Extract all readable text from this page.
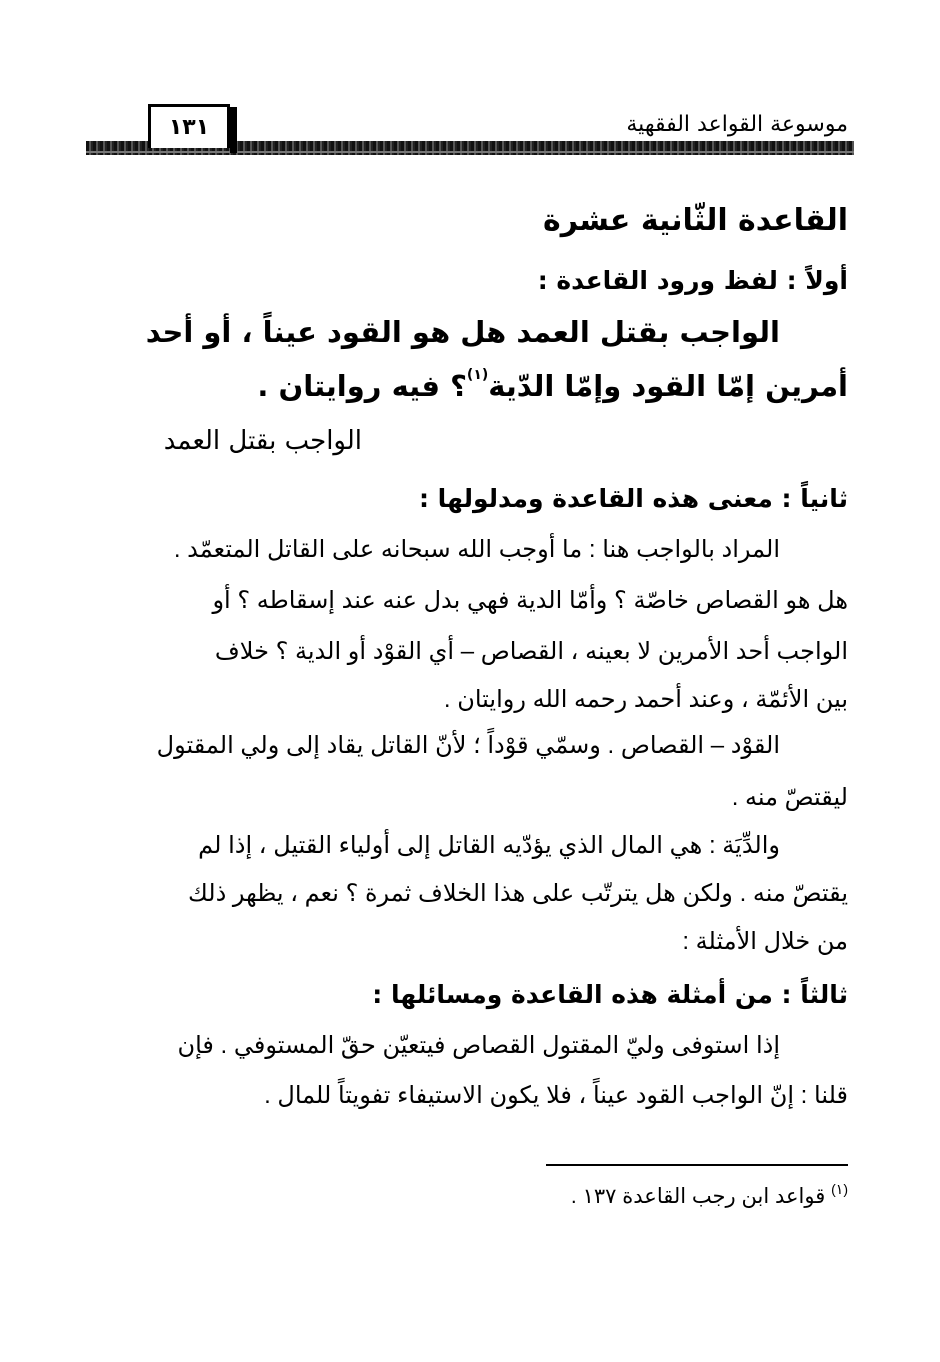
موسوعة القواعد الفقهية
١٣١
القاعدة الثّانية عشرة
أولاً : لفظ ورود القاعدة :
الواجب بقتل العمد هل هو القود عيناً ، أو أحد
أمرين إمّا القود وإمّا الدّية$^{(١)}$؟ فيه روايتان .
الواجب بقتل العمد
ثانياً : معنى هذه القاعدة ومدلولها :
المراد بالواجب هنا : ما أوجب الله سبحانه على القاتل المتعمّد .
هل هو القصاص خاصّة ؟ وأمّا الدية فهي بدل عنه عند إسقاطه ؟ أو
الواجب أحد الأمرين لا بعينه ، القصاص – أي القوْد أو الدية ؟ خلاف
بين الأئمّة ، وعند أحمد رحمه الله روايتان .
القوْد – القصاص . وسمّي قوْداً ؛ لأنّ القاتل يقاد إلى ولي المقتول
ليقتصّ منه .
والدِّيَة : هي المال الذي يؤدّيه القاتل إلى أولياء القتيل ، إذا لم
يقتصّ منه . ولكن هل يترتّب على هذا الخلاف ثمرة ؟ نعم ، يظهر ذلك
من خلال الأمثلة :
ثالثاً : من أمثلة هذه القاعدة ومسائلها :
إذا استوفى وليّ المقتول القصاص فيتعيّن حقّ المستوفي . فإن
قلنا : إنّ الواجب القود عيناً ، فلا يكون الاستيفاء تفويتاً للمال .
$^{(١)}$ قواعد ابن رجب القاعدة ١٣٧ .
